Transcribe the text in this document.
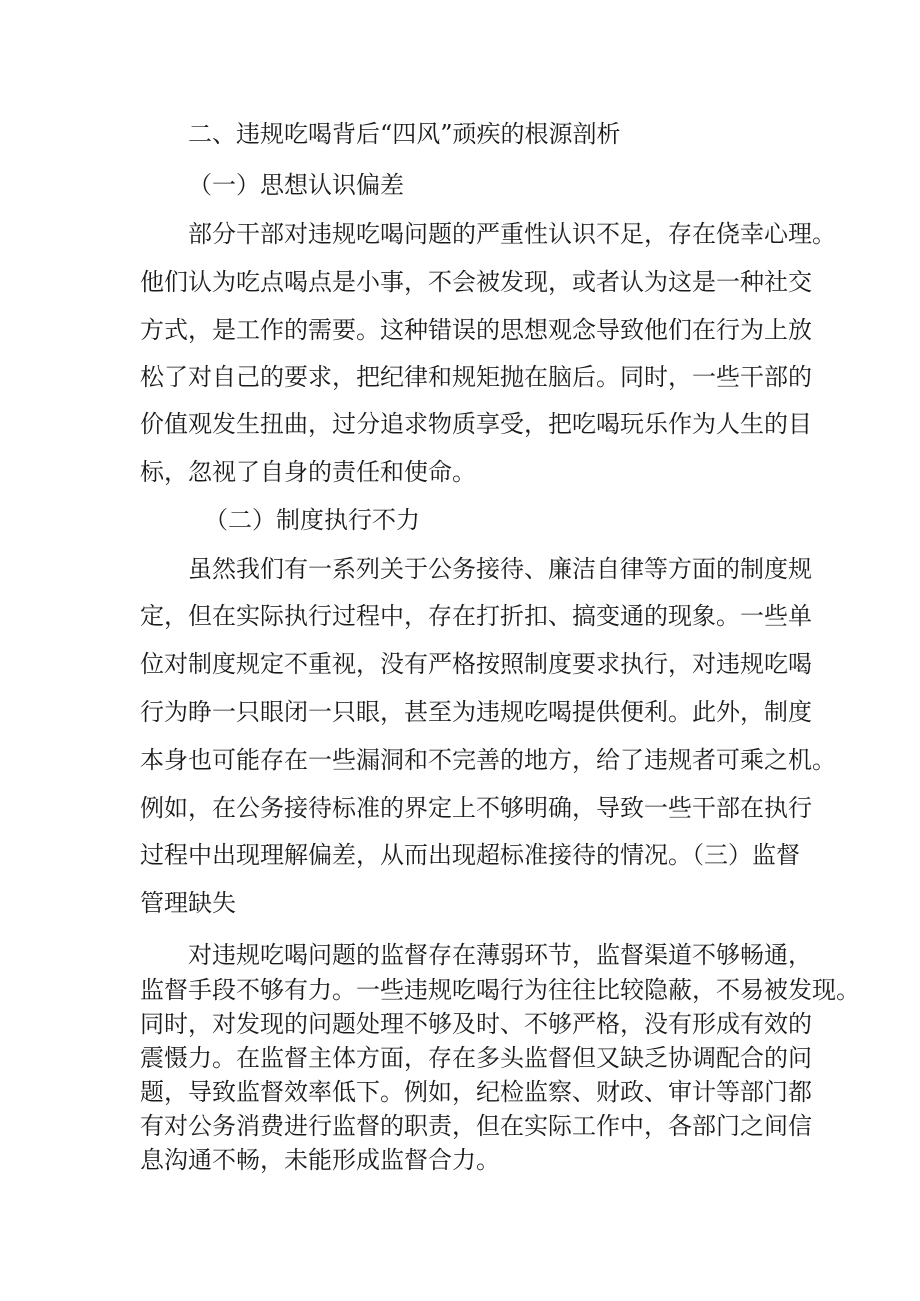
二、违规吃喝背后“四风”顽疾的根源剖析
（一）思想认识偏差
部分干部对违规吃喝问题的严重性认识不足，存在侥幸心理。
他们认为吃点喝点是小事，不会被发现，或者认为这是一种社交
方式，是工作的需要。这种错误的思想观念导致他们在行为上放
松了对自己的要求，把纪律和规矩抛在脑后。同时，一些干部的
价值观发生扭曲，过分追求物质享受，把吃喝玩乐作为人生的目
标，忽视了自身的责任和使命。
（二）制度执行不力
虽然我们有一系列关于公务接待、廉洁自律等方面的制度规
定，但在实际执行过程中，存在打折扣、搞变通的现象。一些单
位对制度规定不重视，没有严格按照制度要求执行，对违规吃喝
行为睁一只眼闭一只眼，甚至为违规吃喝提供便利。此外，制度
本身也可能存在一些漏洞和不完善的地方，给了违规者可乘之机。
例如，在公务接待标准的界定上不够明确，导致一些干部在执行
过程中出现理解偏差，从而出现超标准接待的情况。（三）监督
管理缺失
对违规吃喝问题的监督存在薄弱环节，监督渠道不够畅通，
监督手段不够有力。一些违规吃喝行为往往比较隐蔽，不易被发现。
同时，对发现的问题处理不够及时、不够严格，没有形成有效的
震慑力。在监督主体方面，存在多头监督但又缺乏协调配合的问
题，导致监督效率低下。例如，纪检监察、财政、审计等部门都
有对公务消费进行监督的职责，但在实际工作中，各部门之间信
息沟通不畅，未能形成监督合力。
